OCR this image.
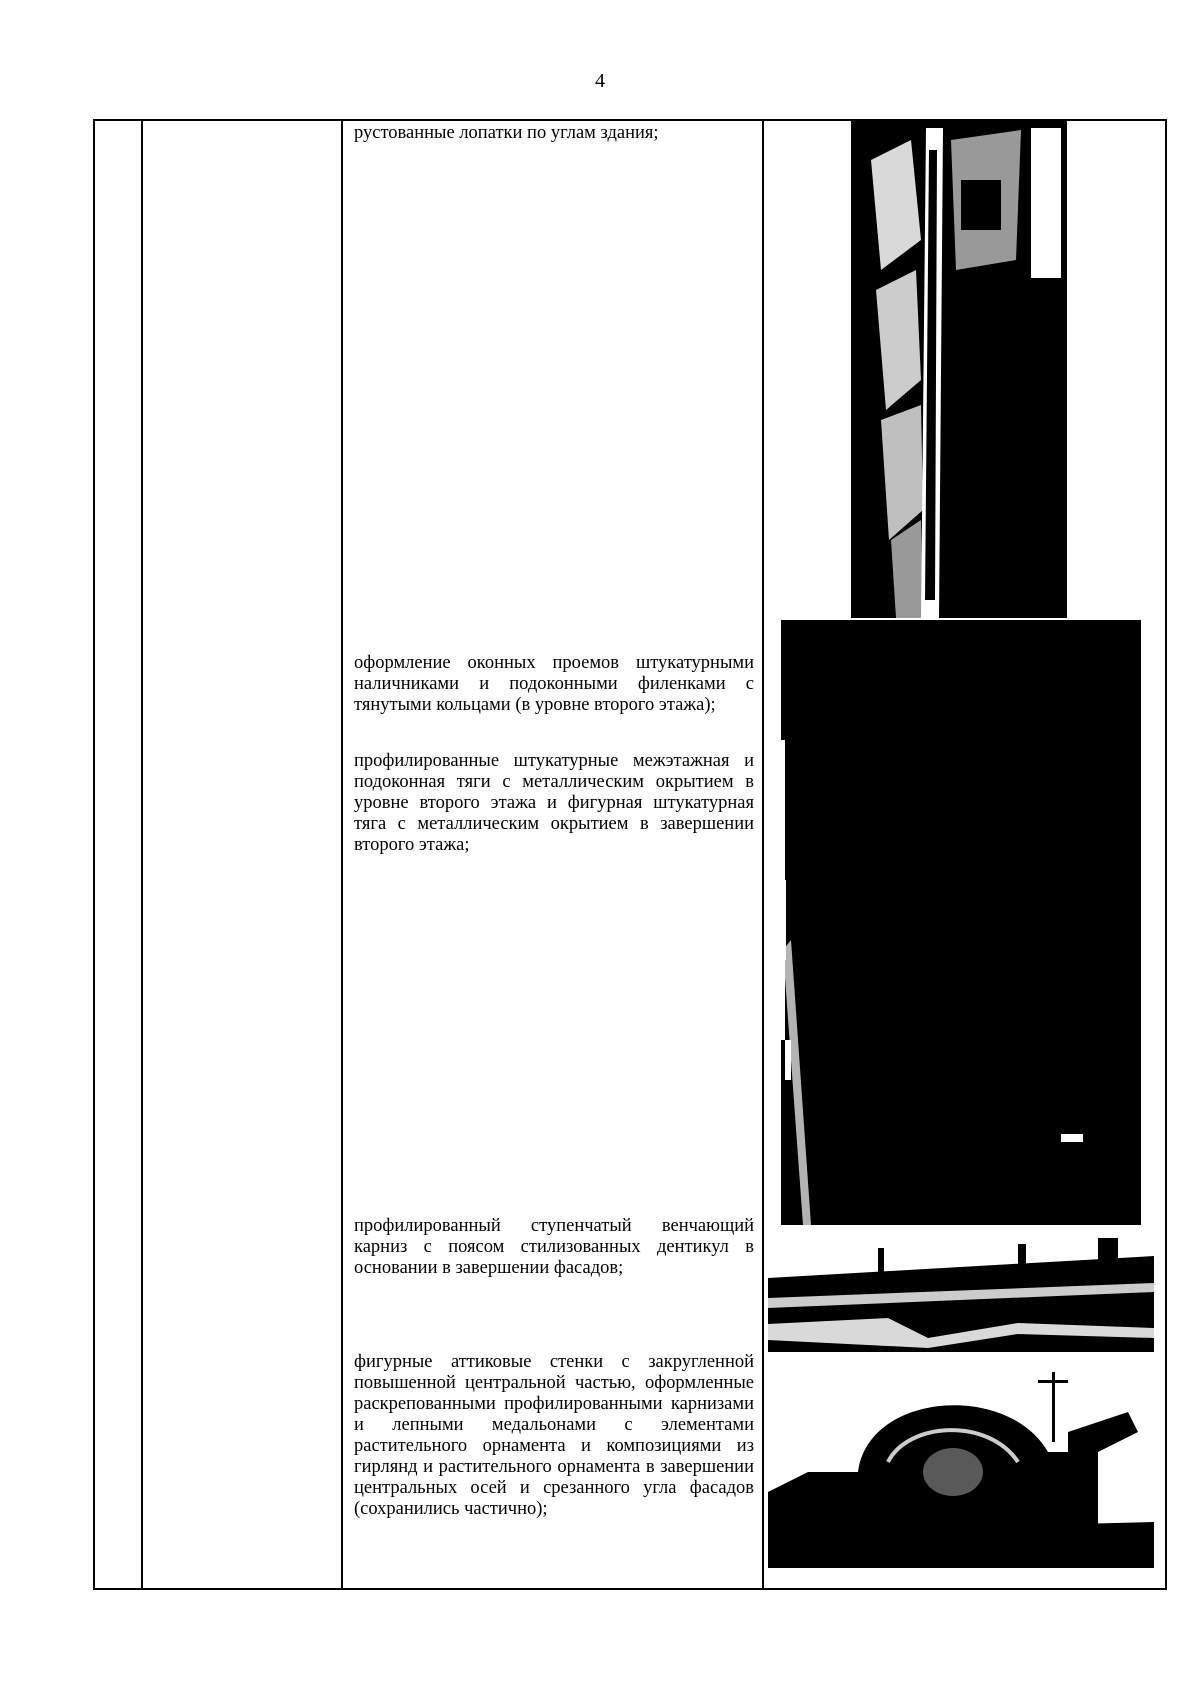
4
рустованные лопатки по углам здания;
оформление оконных проемов штукатурными наличниками и подоконными филенками с тянутыми кольцами (в уровне второго этажа);
профилированные штукатурные межэтажная и подоконная тяги с металлическим окрытием в уровне второго этажа и фигурная штукатурная тяга с металлическим окрытием в завершении второго этажа;
профилированный ступенчатый венчающий карниз с поясом стилизованных дентикул в основании в завершении фасадов;
фигурные аттиковые стенки с закругленной повышенной центральной частью, оформленные раскрепованными профилированными карнизами и лепными медальонами с элементами растительного орнамента и композициями из гирлянд и растительного орнамента в завершении центральных осей и срезанного угла фасадов (сохранились частично);
